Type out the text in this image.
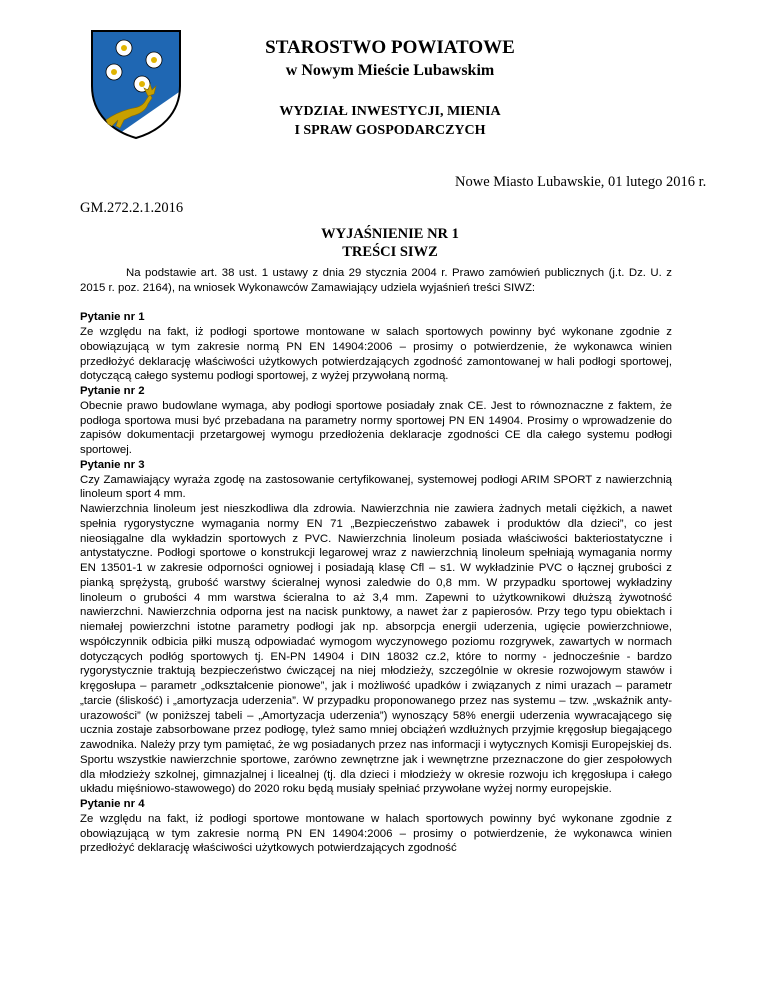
STAROSTWO POWIATOWE
w Nowym Mieście Lubawskim
WYDZIAŁ INWESTYCJI, MIENIA
I SPRAW GOSPODARCZYCH
Nowe Miasto Lubawskie, 01 lutego 2016 r.
GM.272.2.1.2016
WYJAŚNIENIE NR 1
TREŚCI SIWZ

Na podstawie art. 38 ust. 1 ustawy z dnia 29 stycznia 2004 r. Prawo zamówień publicznych (j.t. Dz. U. z 2015 r. poz. 2164), na wniosek Wykonawców Zamawiający udziela wyjaśnień treści SIWZ:

Pytanie nr 1

Ze względu na fakt, iż podłogi sportowe montowane w salach sportowych powinny być wykonane zgodnie z obowiązującą w tym zakresie normą PN EN 14904:2006 – prosimy o potwierdzenie, że wykonawca winien przedłożyć deklarację właściwości użytkowych potwierdzających zgodność zamontowanej w hali podłogi sportowej, dotyczącą całego systemu podłogi sportowej, z wyżej przywołaną normą.

Pytanie nr 2

Obecnie prawo budowlane wymaga, aby podłogi sportowe posiadały znak CE. Jest to równoznaczne z faktem, że podłoga sportowa musi być przebadana na parametry normy sportowej PN EN 14904. Prosimy o wprowadzenie do zapisów dokumentacji przetargowej wymogu przedłożenia deklaracje zgodności CE dla całego systemu podłogi sportowej.

Pytanie nr 3

Czy Zamawiający wyraża zgodę na zastosowanie certyfikowanej, systemowej podłogi ARIM SPORT z nawierzchnią linoleum sport 4 mm.

Nawierzchnia linoleum jest nieszkodliwa dla zdrowia. Nawierzchnia nie zawiera żadnych metali ciężkich, a nawet spełnia rygorystyczne wymagania normy EN 71 „Bezpieczeństwo zabawek i produktów dla dzieci”, co jest nieosiągalne dla wykładzin sportowych z PVC. Nawierzchnia linoleum posiada właściwości bakteriostatyczne i antystatyczne. Podłogi sportowe o konstrukcji legarowej wraz z nawierzchnią linoleum spełniają wymagania normy EN 13501-1 w zakresie odporności ogniowej i posiadają klasę Cfl – s1. W wykładzinie PVC o łącznej grubości z pianką sprężystą, grubość warstwy ścieralnej wynosi zaledwie do 0,8 mm. W przypadku sportowej wykładziny linoleum o grubości 4 mm warstwa ścieralna to aż 3,4 mm. Zapewni to użytkownikowi dłuższą żywotność nawierzchni. Nawierzchnia odporna jest na nacisk punktowy, a nawet żar z papierosów. Przy tego typu obiektach i niemałej powierzchni istotne parametry podłogi jak np. absorpcja energii uderzenia, ugięcie powierzchniowe, współczynnik odbicia piłki muszą odpowiadać wymogom wyczynowego poziomu rozgrywek, zawartych w normach dotyczących podłóg sportowych tj. EN-PN 14904 i DIN 18032 cz.2, które to normy - jednocześnie - bardzo rygorystycznie traktują bezpieczeństwo ćwiczącej na niej młodzieży, szczególnie w okresie rozwojowym stawów i kręgosłupa – parametr „odkształcenie pionowe”, jak i możliwość upadków i związanych z nimi urazach – parametr „tarcie (śliskość) i „amortyzacja uderzenia”. W przypadku proponowanego przez nas systemu – tzw. „wskaźnik anty-urazowości” (w poniższej tabeli – „Amortyzacja uderzenia”) wynoszący 58% energii uderzenia wywracającego się ucznia zostaje zabsorbowane przez podłogę, tyleż samo mniej obciążeń wzdłużnych przyjmie kręgosłup biegającego zawodnika. Należy przy tym pamiętać, że wg posiadanych przez nas informacji i wytycznych Komisji Europejskiej ds. Sportu wszystkie nawierzchnie sportowe, zarówno zewnętrzne jak i wewnętrzne przeznaczone do gier zespołowych dla młodzieży szkolnej, gimnazjalnej i licealnej (tj. dla dzieci i młodzieży w okresie rozwoju ich kręgosłupa i całego układu mięśniowo-stawowego) do 2020 roku będą musiały spełniać przywołane wyżej normy europejskie.

Pytanie nr 4

Ze względu na fakt, iż podłogi sportowe montowane w halach sportowych powinny być wykonane zgodnie z obowiązującą w tym zakresie normą PN EN 14904:2006 – prosimy o potwierdzenie, że wykonawca winien przedłożyć deklarację właściwości użytkowych potwierdzających zgodność
